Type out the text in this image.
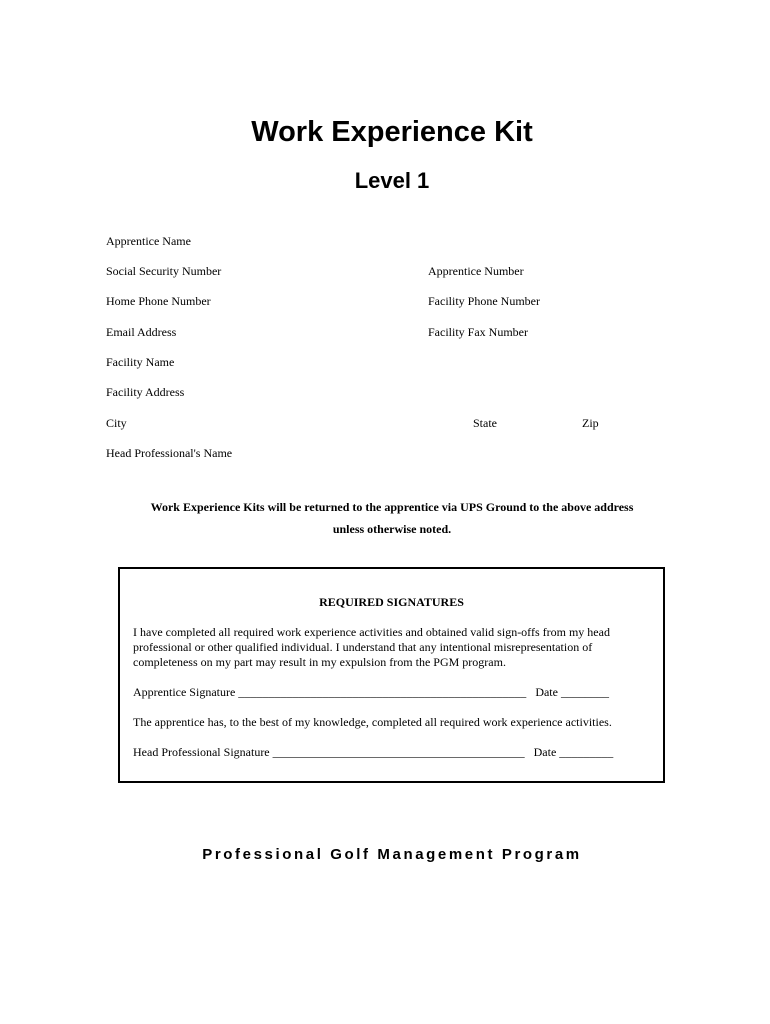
Work Experience Kit
Level 1
Apprentice Name
Social Security Number	Apprentice Number
Home Phone Number	Facility Phone Number
Email Address	Facility Fax Number
Facility Name
Facility Address
City	State	Zip
Head Professional's Name
Work Experience Kits will be returned to the apprentice via UPS Ground to the above address
unless otherwise noted.
REQUIRED SIGNATURES
I have completed all required work experience activities and obtained valid sign-offs from my head professional or other qualified individual. I understand that any intentional misrepresentation of completeness on my part may result in my expulsion from the PGM program.
Apprentice Signature ________________________________________________ Date ________
The apprentice has, to the best of my knowledge, completed all required work experience activities.
Head Professional Signature __________________________________________ Date _________
Professional Golf Management Program
